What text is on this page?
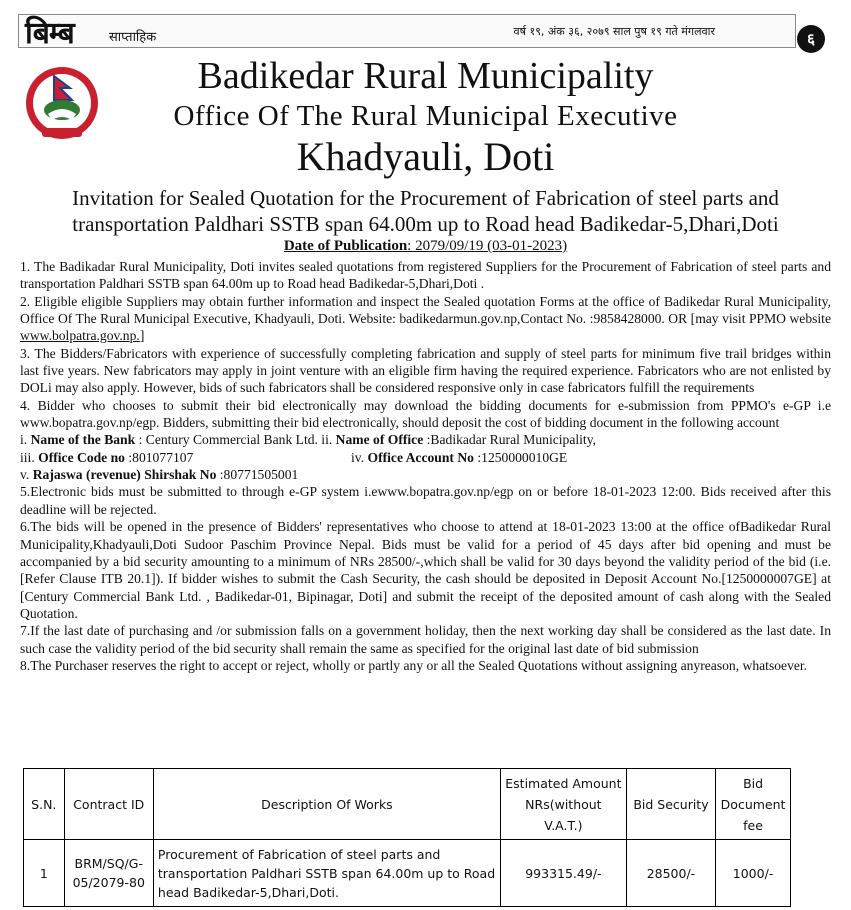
बिम्ब	साप्ताहिक	वर्ष १९, अंक ३६, २०७९ साल पुष १९ गते मंगलवार	६
Badikedar Rural Municipality
Office Of The Rural Municipal Executive
Khadyauli, Doti
Invitation for Sealed Quotation for the Procurement of Fabrication of steel parts and transportation Paldhari SSTB span 64.00m up to Road head Badikedar-5,Dhari,Doti
Date of Publication: 2079/09/19 (03-01-2023)

1. The Badikadar Rural Municipality, Doti invites sealed quotations from registered Suppliers for the Procurement of Fabrication of steel parts and transportation Paldhari SSTB span 64.00m up to Road head Badikedar-5,Dhari,Doti .

2. Eligible eligible Suppliers may obtain further information and inspect the Sealed quotation Forms at the office of Badikedar Rural Municipality, Office Of The Rural Municipal Executive, Khadyauli, Doti. Website: badikedarmun.gov.np,Contact No. :9858428000. OR [may visit PPMO website www.bolpatra.gov.np.]

3. The Bidders/Fabricators with experience of successfully completing fabrication and supply of steel parts for minimum five trail bridges within last five years. New fabricators may apply in joint venture with an eligible firm having the required experience. Fabricators who are not enlisted by DOLi may also apply. However, bids of such fabricators shall be considered responsive only in case fabricators fulfill the requirements

4. Bidder who chooses to submit their bid electronically may download the bidding documents for e-submission from PPMO's e-GP i.e www.bopatra.gov.np/egp. Bidders, submitting their bid electronically, should deposit the cost of bidding document in the following account

i. Name of the Bank : Century Commercial Bank Ltd. ii. Name of Office :Badikadar Rural Municipality,

iii. Office Code no :801077107	iv. Office Account No :1250000010GE

v. Rajaswa (revenue) Shirshak No :80771505001

5.Electronic bids must be submitted to through e-GP system i.ewww.bopatra.gov.np/egp on or before 18-01-2023 12:00. Bids received after this deadline will be rejected.

6.The bids will be opened in the presence of Bidders' representatives who choose to attend at 18-01-2023 13:00 at the office ofBadikedar Rural Municipality,Khadyauli,Doti Sudoor Paschim Province Nepal. Bids must be valid for a period of 45 days after bid opening and must be accompanied by a bid security amounting to a minimum of NRs 28500/-,which shall be valid for 30 days beyond the validity period of the bid (i.e. [Refer Clause ITB 20.1]). If bidder wishes to submit the Cash Security, the cash should be deposited in Deposit Account No.[1250000007GE] at [Century Commercial Bank Ltd. , Badikedar-01, Bipinagar, Doti] and submit the receipt of the deposited amount of cash along with the Sealed Quotation.

7.If the last date of purchasing and /or submission falls on a government holiday, then the next working day shall be considered as the last date. In such case the validity period of the bid security shall remain the same as specified for the original last date of bid submission

8.The Purchaser reserves the right to accept or reject, wholly or partly any or all the Sealed Quotations without assigning anyreason, whatsoever.

S.N.	Contract ID	Description Of Works	Estimated Amount NRs(without V.A.T.)	Bid Security	Bid Document fee
1	BRM/SQ/G-05/2079-80	Procurement of Fabrication of steel parts and transportation Paldhari SSTB span 64.00m up to Road head Badikedar-5,Dhari,Doti.	993315.49/-	28500/-	1000/-
